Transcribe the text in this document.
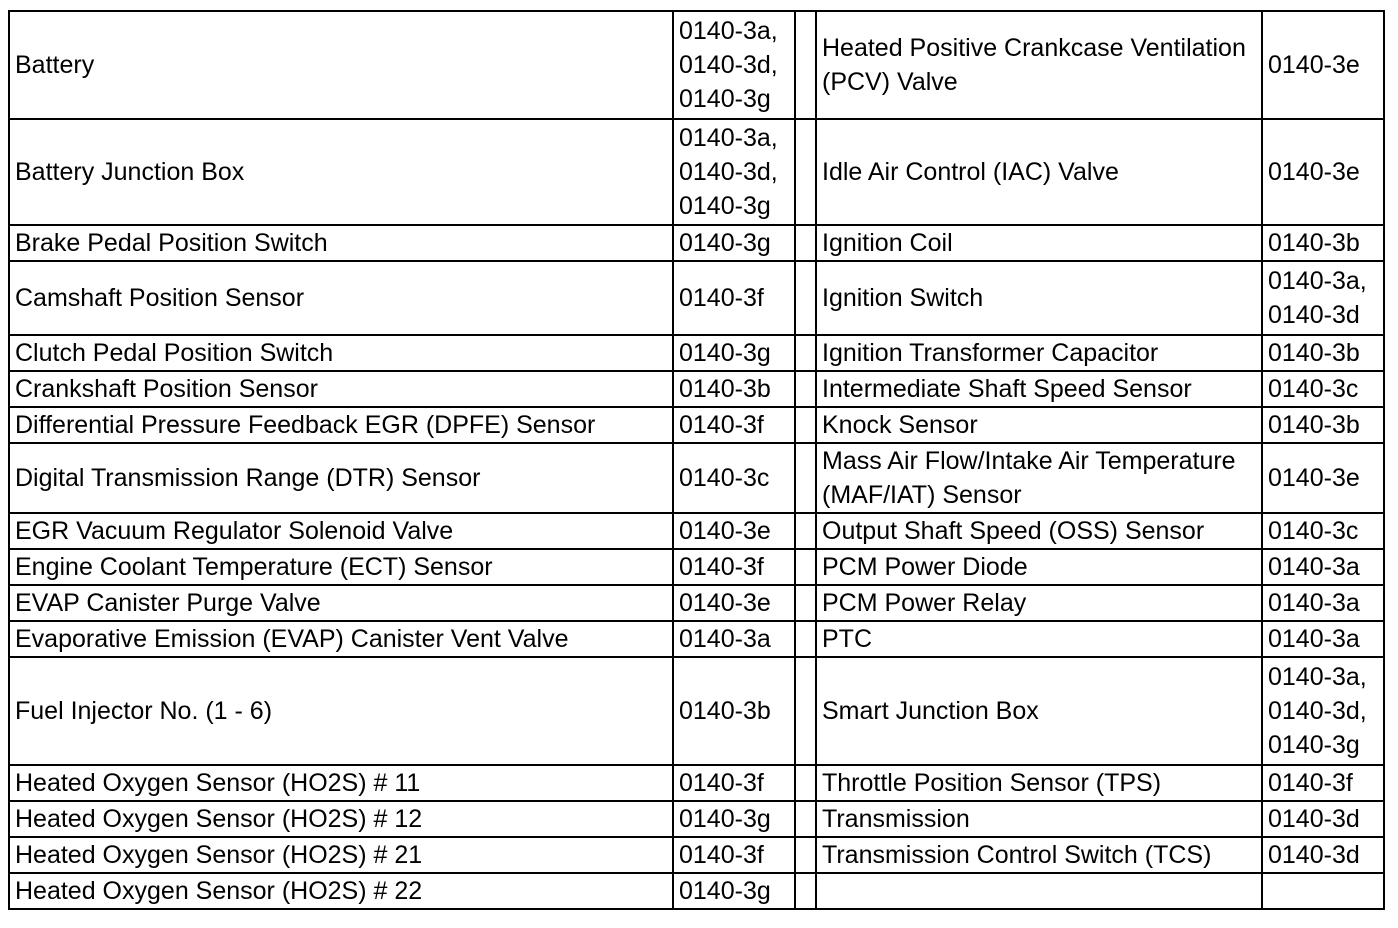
Battery	0140-3a,
0140-3d,
0140-3g		Heated Positive Crankcase Ventilation (PCV) Valve	0140-3e

Battery Junction Box	0140-3a,
0140-3d,
0140-3g		Idle Air Control (IAC) Valve	0140-3e

Brake Pedal Position Switch	0140-3g		Ignition Coil	0140-3b

Camshaft Position Sensor	0140-3f		Ignition Switch	0140-3a,
0140-3d

Clutch Pedal Position Switch	0140-3g		Ignition Transformer Capacitor	0140-3b

Crankshaft Position Sensor	0140-3b		Intermediate Shaft Speed Sensor	0140-3c

Differential Pressure Feedback EGR (DPFE) Sensor	0140-3f		Knock Sensor	0140-3b

Digital Transmission Range (DTR) Sensor	0140-3c		Mass Air Flow/Intake Air Temperature (MAF/IAT) Sensor	0140-3e

EGR Vacuum Regulator Solenoid Valve	0140-3e		Output Shaft Speed (OSS) Sensor	0140-3c

Engine Coolant Temperature (ECT) Sensor	0140-3f		PCM Power Diode	0140-3a

EVAP Canister Purge Valve	0140-3e		PCM Power Relay	0140-3a

Evaporative Emission (EVAP) Canister Vent Valve	0140-3a		PTC	0140-3a

Fuel Injector No. (1 - 6)	0140-3b		Smart Junction Box	0140-3a,
0140-3d,
0140-3g

Heated Oxygen Sensor (HO2S) # 11	0140-3f		Throttle Position Sensor (TPS)	0140-3f

Heated Oxygen Sensor (HO2S) # 12	0140-3g		Transmission	0140-3d

Heated Oxygen Sensor (HO2S) # 21	0140-3f		Transmission Control Switch (TCS)	0140-3d

Heated Oxygen Sensor (HO2S) # 22	0140-3g			
